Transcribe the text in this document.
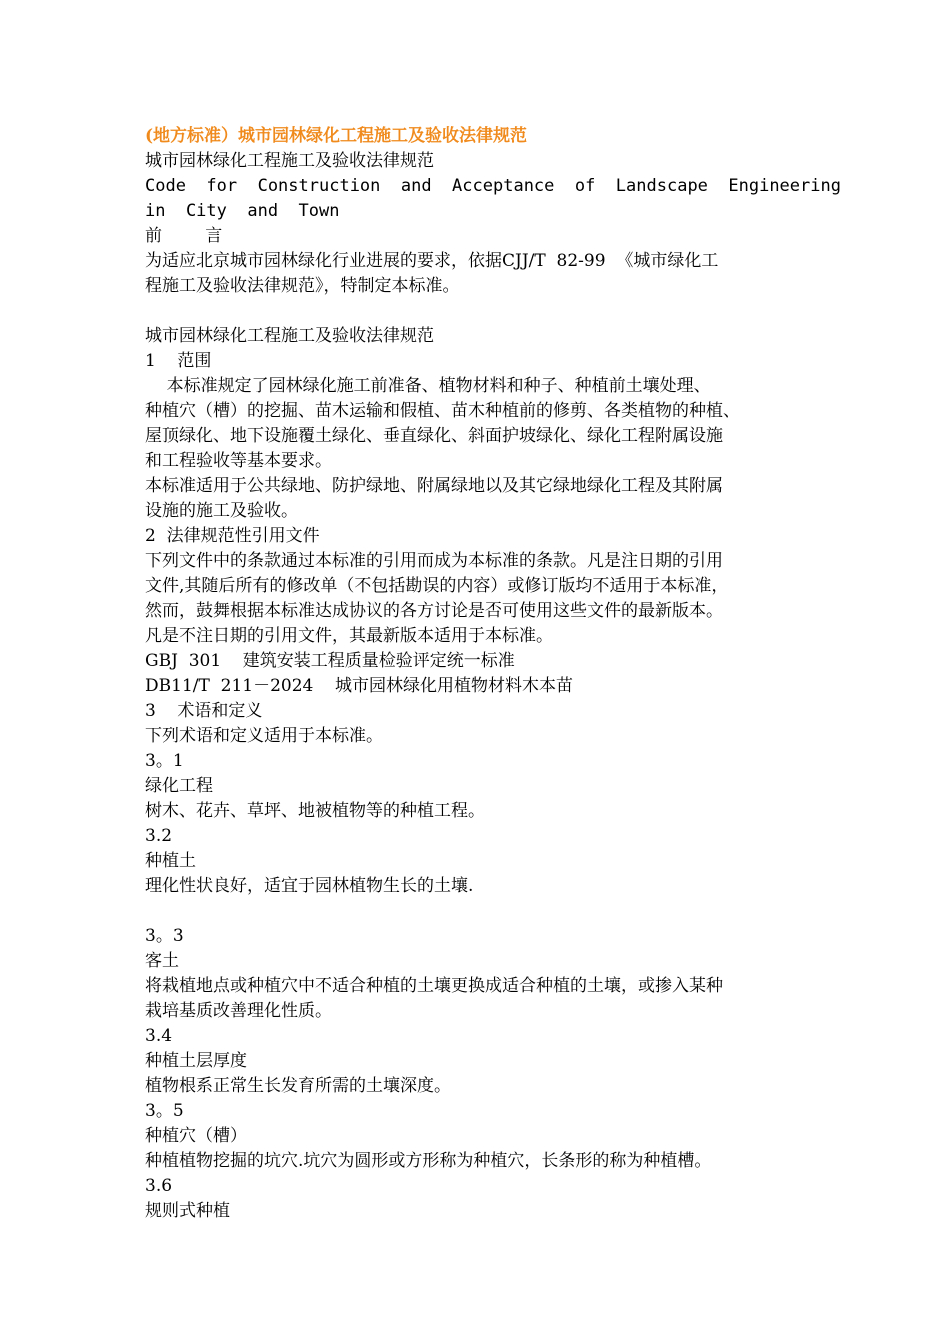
(地方标准）城市园林绿化工程施工及验收法律规范
城市园林绿化工程施工及验收法律规范
Code  for  Construction  and  Acceptance  of  Landscape  Engineering
in  City  and  Town
前        言
为适应北京城市园林绿化行业进展的要求，依据CJJ/T  82-99  《城市绿化工
程施工及验收法律规范》，特制定本标准。
城市园林绿化工程施工及验收法律规范
1    范围
本标准规定了园林绿化施工前准备、植物材料和种子、种植前土壤处理、
种植穴（槽）的挖掘、苗木运输和假植、苗木种植前的修剪、各类植物的种植、
屋顶绿化、地下设施覆土绿化、垂直绿化、斜面护坡绿化、绿化工程附属设施
和工程验收等基本要求。
本标准适用于公共绿地、防护绿地、附属绿地以及其它绿地绿化工程及其附属
设施的施工及验收。
2  法律规范性引用文件
下列文件中的条款通过本标准的引用而成为本标准的条款。凡是注日期的引用
文件,其随后所有的修改单（不包括勘误的内容）或修订版均不适用于本标准，
然而，鼓舞根据本标准达成协议的各方讨论是否可使用这些文件的最新版本。
凡是不注日期的引用文件，其最新版本适用于本标准。
GBJ  301    建筑安装工程质量检验评定统一标准
DB11/T  211－2024    城市园林绿化用植物材料木本苗
3    术语和定义
下列术语和定义适用于本标准。
3。1
绿化工程
树木、花卉、草坪、地被植物等的种植工程。
3.2
种植土
理化性状良好，适宜于园林植物生长的土壤.
3。3
客土
将栽植地点或种植穴中不适合种植的土壤更换成适合种植的土壤，或掺入某种
栽培基质改善理化性质。
3.4
种植土层厚度
植物根系正常生长发育所需的土壤深度。
3。5
种植穴（槽）
种植植物挖掘的坑穴.坑穴为圆形或方形称为种植穴，长条形的称为种植槽。
3.6
规则式种植
